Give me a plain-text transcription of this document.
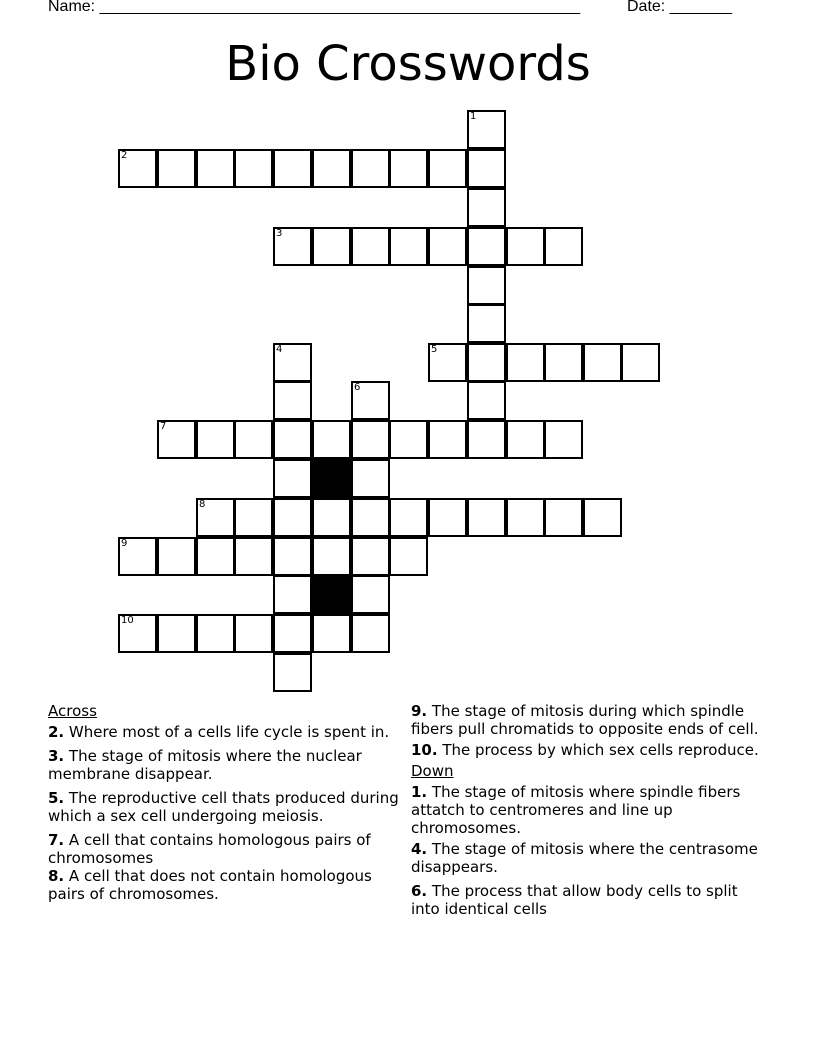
Name: ______________________________________________________	Date: _______
Bio Crosswords
1
2
3
4	5
6
7
8
9
10
Across
2. Where most of a cells life cycle is spent in.
3. The stage of mitosis where the nuclear membrane disappear.
5. The reproductive cell thats produced during which a sex cell undergoing meiosis.
7. A cell that contains homologous pairs of chromosomes
8. A cell that does not contain homologous pairs of chromosomes.
9. The stage of mitosis during which spindle fibers pull chromatids to opposite ends of cell.
10. The process by which sex cells reproduce.
Down
1. The stage of mitosis where spindle fibers attatch to centromeres and line up chromosomes.
4. The stage of mitosis where the centrasome disappears.
6. The process that allow body cells to split into identical cells
